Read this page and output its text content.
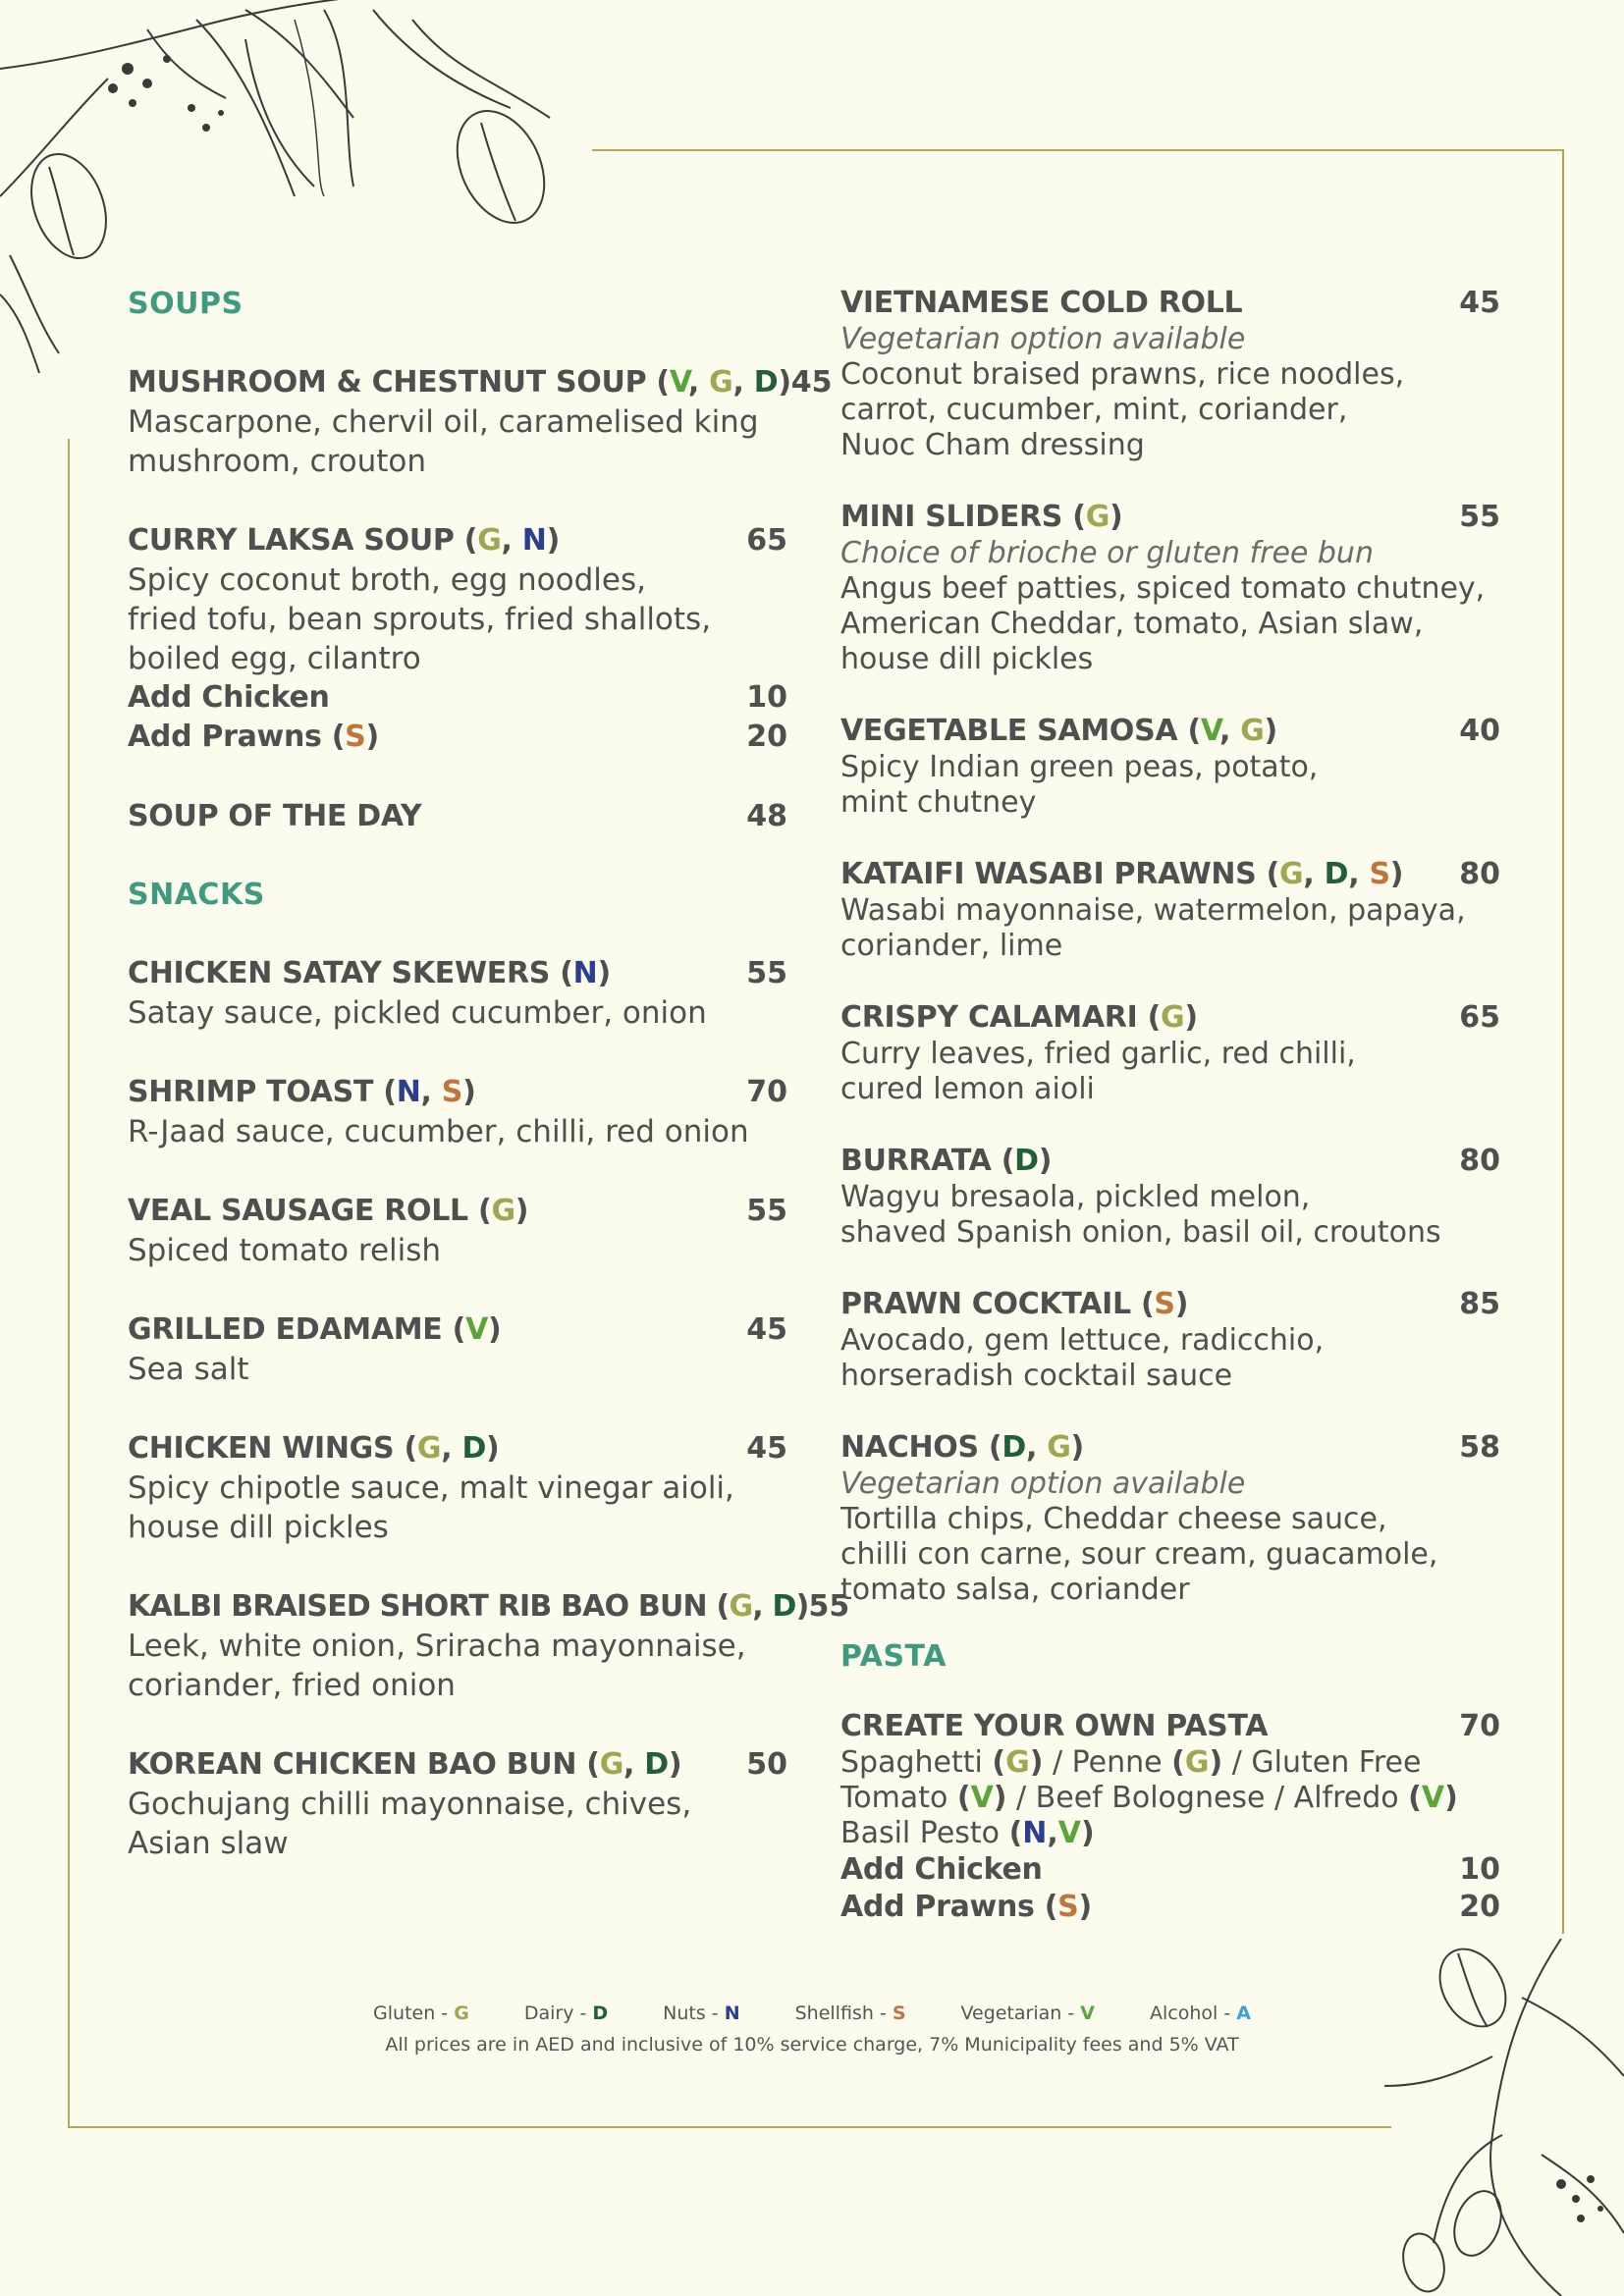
SOUPS
MUSHROOM & CHESTNUT SOUP (V, G, D) 45

Mascarpone, chervil oil, caramelised king

mushroom, crouton

CURRY LAKSA SOUP (G, N)	65

Spicy coconut broth, egg noodles,

fried tofu, bean sprouts, fried shallots,

boiled egg, cilantro

Add Chicken	10
Add Prawns (S)	20
SOUP OF THE DAY	48
SNACKS
CHICKEN SATAY SKEWERS (N)	55

Satay sauce, pickled cucumber, onion

SHRIMP TOAST (N, S)	70

R-Jaad sauce, cucumber, chilli, red onion

VEAL SAUSAGE ROLL (G)	55

Spiced tomato relish

GRILLED EDAMAME (V)	45

Sea salt

CHICKEN WINGS (G, D)	45

Spicy chipotle sauce, malt vinegar aioli,

house dill pickles

KALBI BRAISED SHORT RIB BAO BUN (G, D) 55

Leek, white onion, Sriracha mayonnaise,

coriander, fried onion

KOREAN CHICKEN BAO BUN (G, D) 50

Gochujang chilli mayonnaise, chives,

Asian slaw

VIETNAMESE COLD ROLL	45

Vegetarian option available

Coconut braised prawns, rice noodles,

carrot, cucumber, mint, coriander,

Nuoc Cham dressing

MINI SLIDERS (G)	55

Choice of brioche or gluten free bun

Angus beef patties, spiced tomato chutney,

American Cheddar, tomato, Asian slaw,

house dill pickles

VEGETABLE SAMOSA (V, G)	40

Spicy Indian green peas, potato,

mint chutney

KATAIFI WASABI PRAWNS (G, D, S) 80

Wasabi mayonnaise, watermelon, papaya,

coriander, lime

CRISPY CALAMARI (G)	65

Curry leaves, fried garlic, red chilli,

cured lemon aioli

BURRATA (D)	80

Wagyu bresaola, pickled melon,

shaved Spanish onion, basil oil, croutons

PRAWN COCKTAIL (S)	85

Avocado, gem lettuce, radicchio,

horseradish cocktail sauce

NACHOS (D, G)	58

Vegetarian option available

Tortilla chips, Cheddar cheese sauce,

chilli con carne, sour cream, guacamole,

tomato salsa, coriander

PASTA
CREATE YOUR OWN PASTA	70

Spaghetti (G) / Penne (G) / Gluten Free

Tomato (V) / Beef Bolognese / Alfredo (V)

Basil Pesto (N,V)

Add Chicken	10
Add Prawns (S)	20
Gluten - G	Dairy - D	Nuts - N	Shellfish - S	Vegetarian - V	Alcohol - A
All prices are in AED and inclusive of 10% service charge, 7% Municipality fees and 5% VAT
